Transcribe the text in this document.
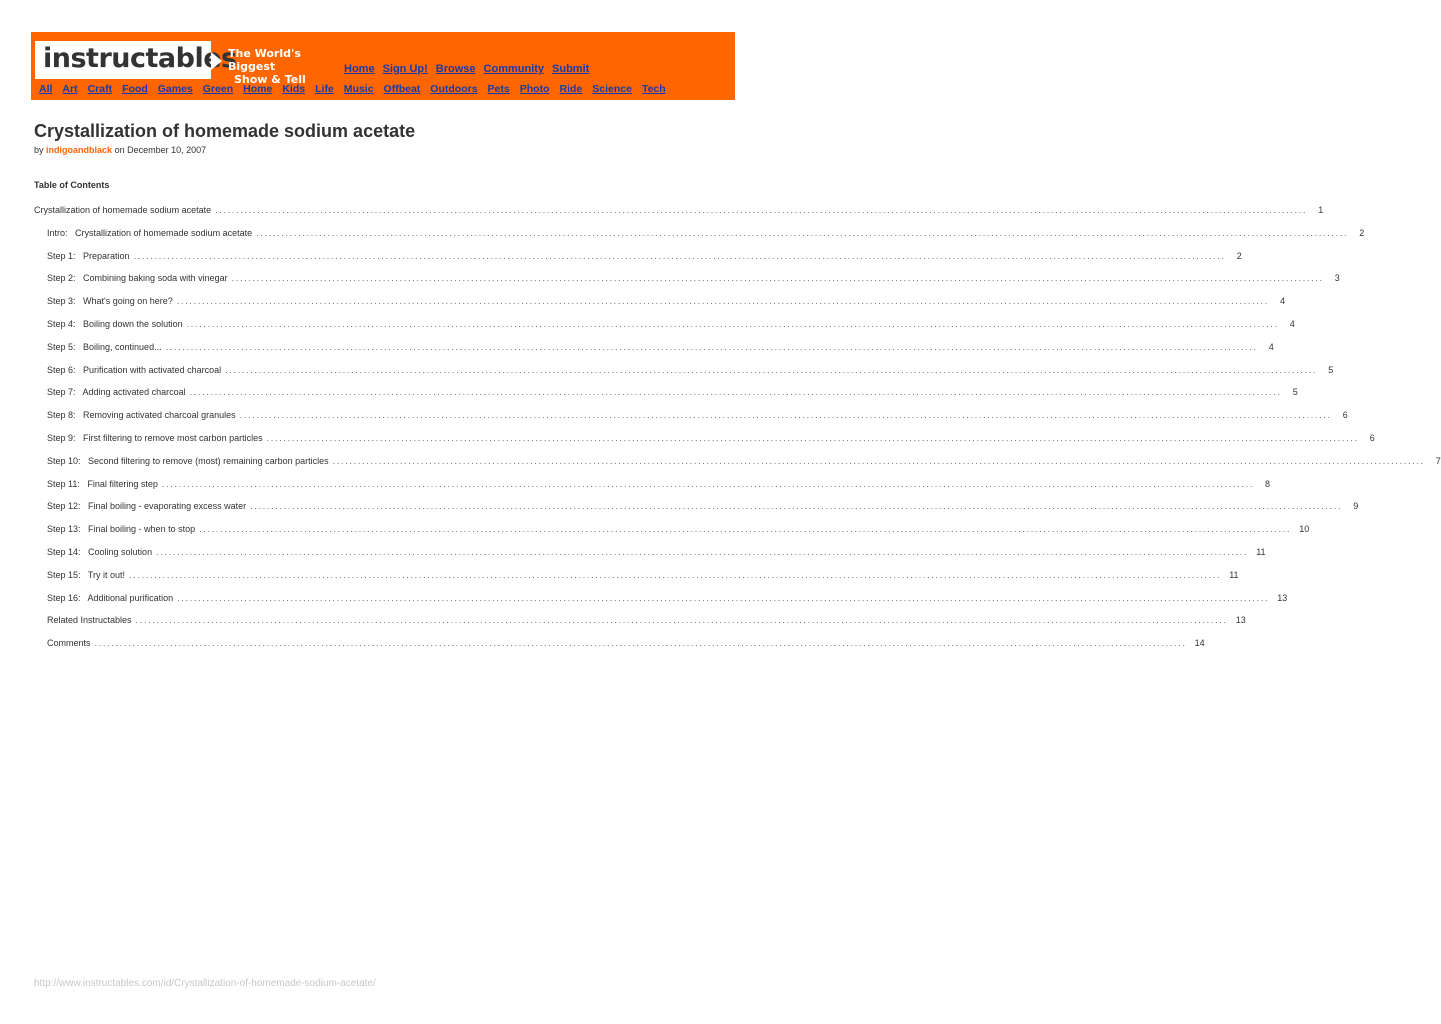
instructables
The World's Biggest
Show & Tell
Home Sign Up! Browse Community Submit
All Art Craft Food Games Green Home Kids Life Music Offbeat Outdoors Pets Photo Ride Science Tech
Crystallization of homemade sodium acetate
by indigoandblack on December 10, 2007
Table of Contents
Crystallization of homemade sodium acetate ....................................................................................................................................................................................................................................................................	1
Intro:   Crystallization of homemade sodium acetate ....................................................................................................................................................................................................................................................................	2
Step 1:   Preparation ....................................................................................................................................................................................................................................................................	2
Step 2:   Combining baking soda with vinegar ....................................................................................................................................................................................................................................................................	3
Step 3:   What's going on here? ....................................................................................................................................................................................................................................................................	4
Step 4:   Boiling down the solution ....................................................................................................................................................................................................................................................................	4
Step 5:   Boiling, continued... ....................................................................................................................................................................................................................................................................	4
Step 6:   Purification with activated charcoal ....................................................................................................................................................................................................................................................................	5
Step 7:   Adding activated charcoal ....................................................................................................................................................................................................................................................................	5
Step 8:   Removing activated charcoal granules ....................................................................................................................................................................................................................................................................	6
Step 9:   First filtering to remove most carbon particles ....................................................................................................................................................................................................................................................................	6
Step 10:   Second filtering to remove (most) remaining carbon particles ....................................................................................................................................................................................................................................................................	7
Step 11:   Final filtering step ....................................................................................................................................................................................................................................................................	8
Step 12:   Final boiling - evaporating excess water ....................................................................................................................................................................................................................................................................	9
Step 13:   Final boiling - when to stop .................................................................................................................................................................................................................................................................... 10
Step 14:   Cooling solution .................................................................................................................................................................................................................................................................... 11
Step 15:   Try it out! .................................................................................................................................................................................................................................................................... 11
Step 16:   Additional purification .................................................................................................................................................................................................................................................................... 13
Related Instructables .................................................................................................................................................................................................................................................................... 13
Comments .................................................................................................................................................................................................................................................................... 14
http://www.instructables.com/id/Crystallization-of-homemade-sodium-acetate/
